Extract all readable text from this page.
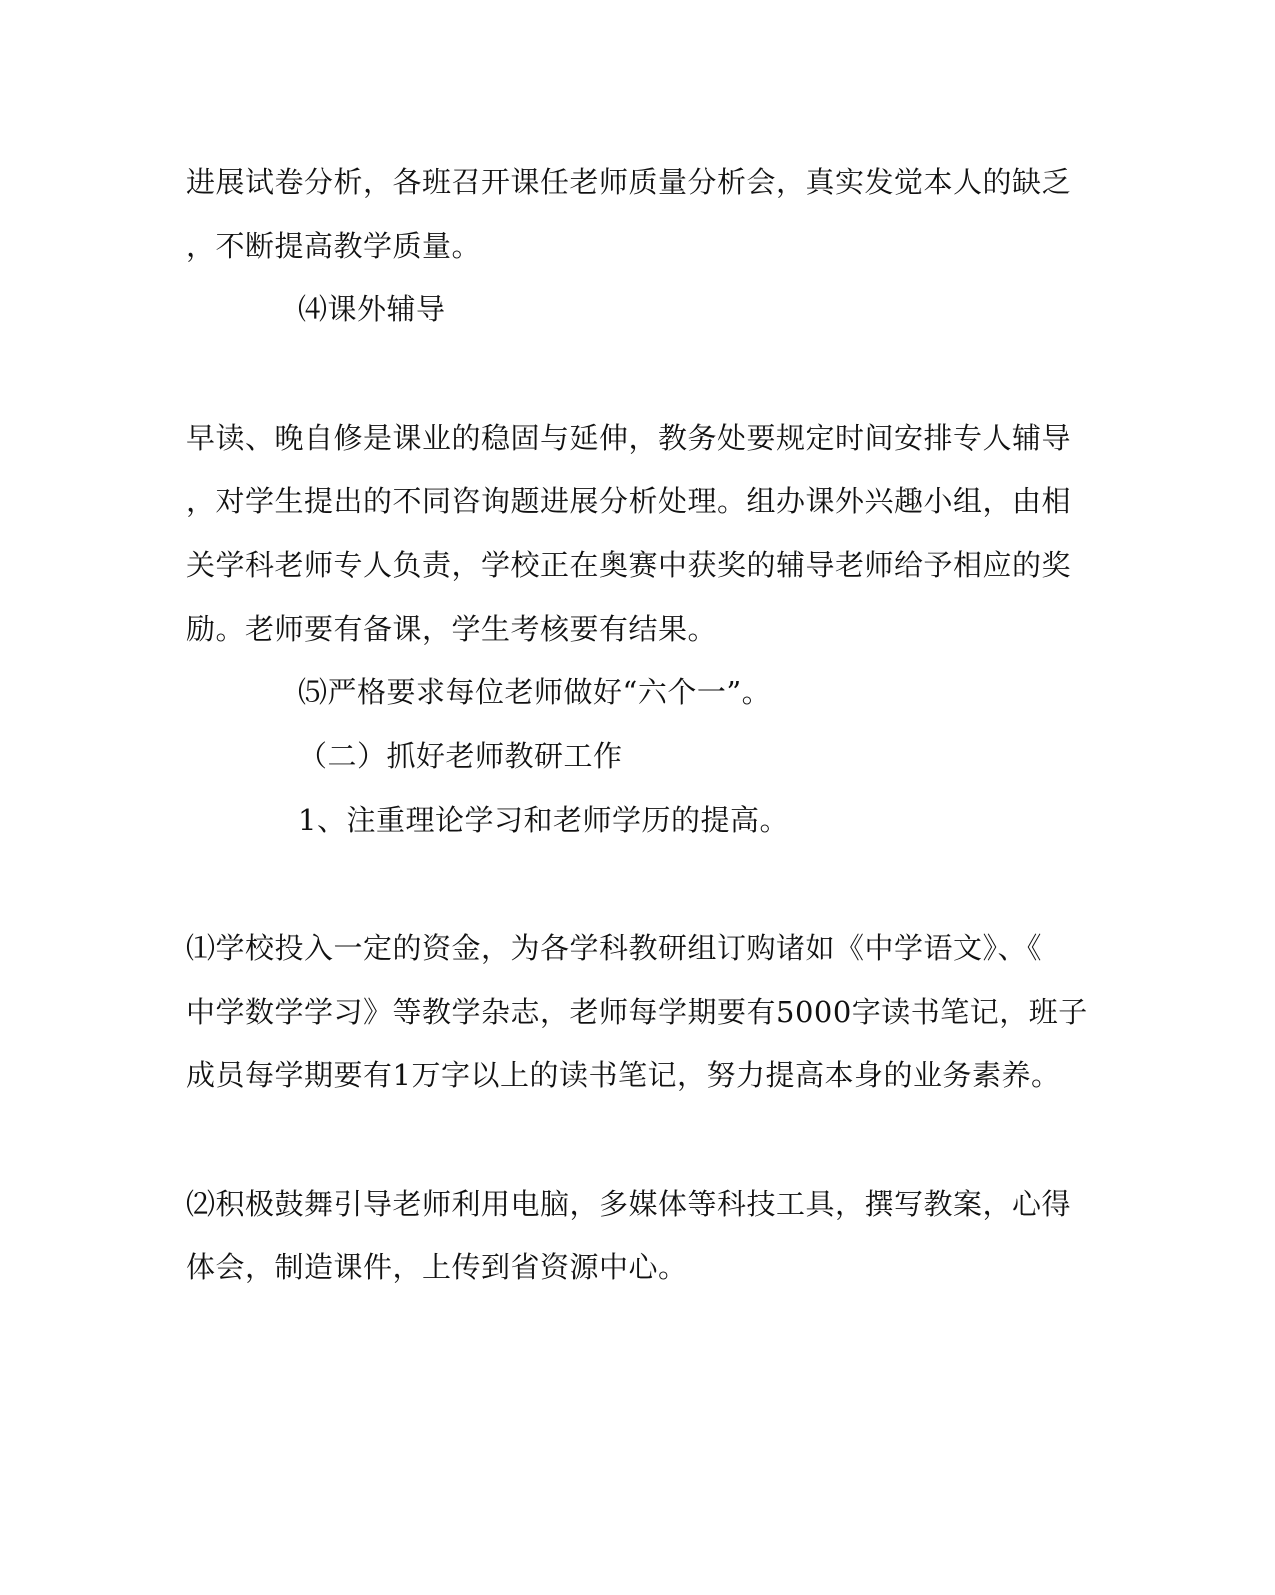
进展试卷分析，各班召开课任老师质量分析会，真实发觉本人的缺乏
，不断提高教学质量。
⑷课外辅导
早读、晚自修是课业的稳固与延伸，教务处要规定时间安排专人辅导
，对学生提出的不同咨询题进展分析处理。组办课外兴趣小组，由相
关学科老师专人负责，学校正在奥赛中获奖的辅导老师给予相应的奖
励。老师要有备课，学生考核要有结果。
⑸严格要求每位老师做好“六个一”。
（二）抓好老师教研工作
1、注重理论学习和老师学历的提高。
⑴学校投入一定的资金，为各学科教研组订购诸如《中学语文》、《
中学数学学习》等教学杂志，老师每学期要有5000字读书笔记，班子
成员每学期要有1万字以上的读书笔记，努力提高本身的业务素养。
⑵积极鼓舞引导老师利用电脑，多媒体等科技工具，撰写教案，心得
体会，制造课件，上传到省资源中心。
